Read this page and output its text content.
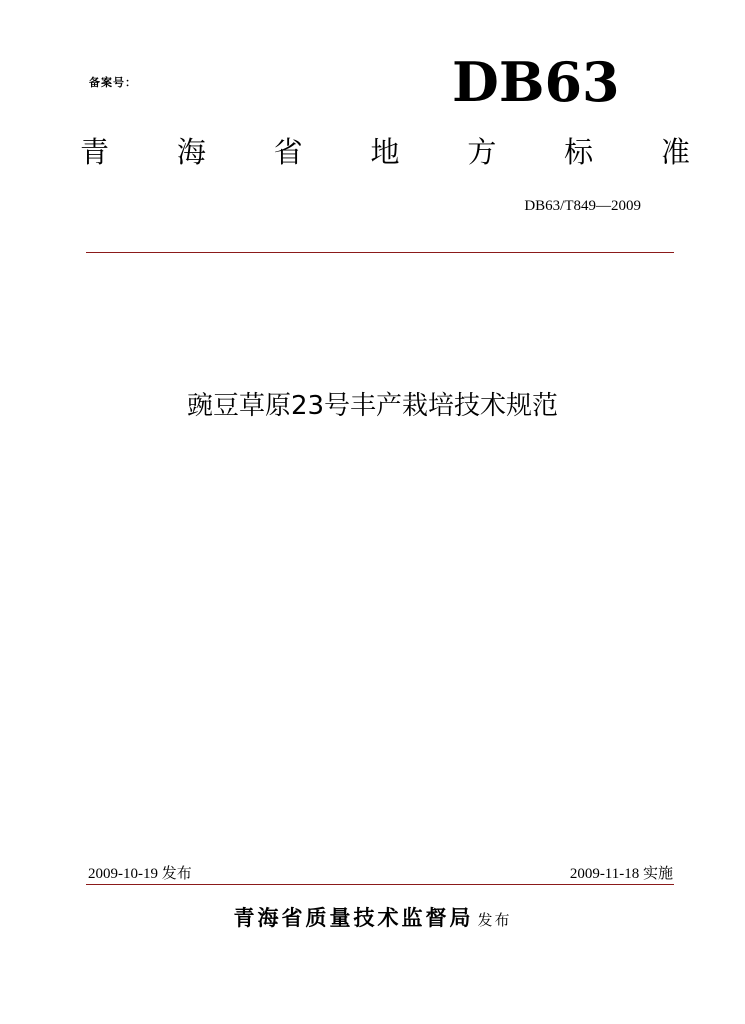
备案号：	DB63
青 海 省 地 方 标 准
DB63/T849—2009
豌豆草原23号丰产栽培技术规范
2009-10-19 发布	2009-11-18 实施
青海省质量技术监督局 发布
